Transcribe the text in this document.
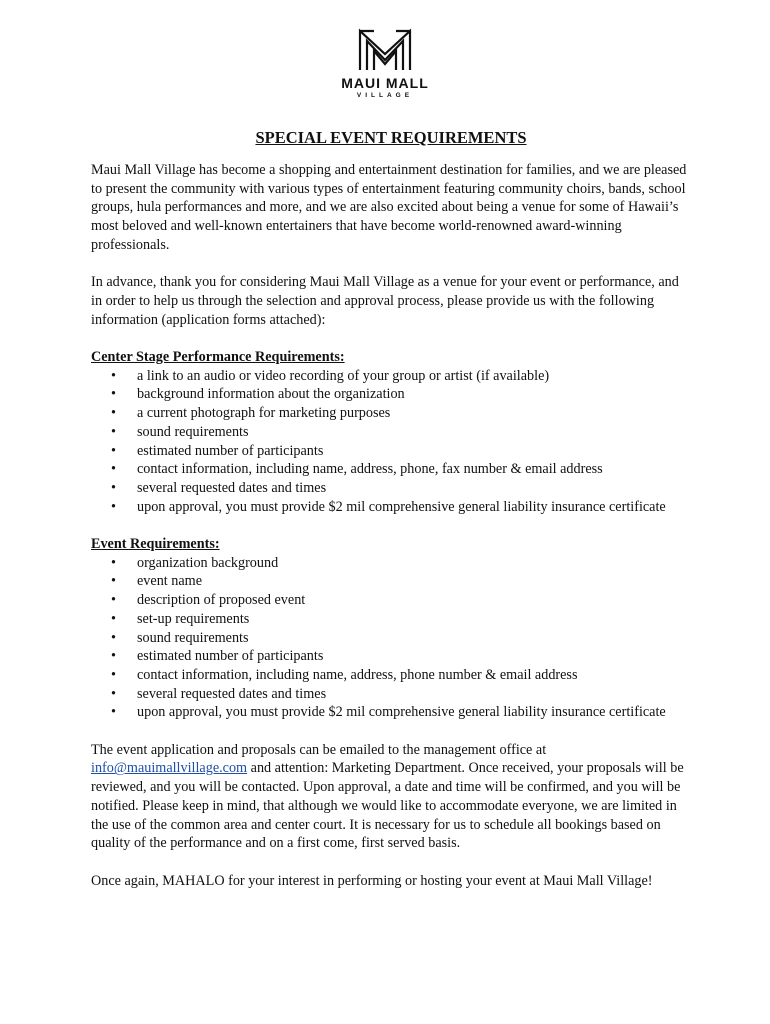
MAUI MALL
VILLAGE
SPECIAL EVENT REQUIREMENTS

Maui Mall Village has become a shopping and entertainment destination for families, and we are pleased to present the community with various types of entertainment featuring community choirs, bands, school groups, hula performances and more, and we are also excited about being a venue for some of Hawaii’s most beloved and well-known entertainers that have become world-renowned award-winning professionals.

In advance, thank you for considering Maui Mall Village as a venue for your event or performance, and in order to help us through the selection and approval process, please provide us with the following information (application forms attached):

Center Stage Performance Requirements:
• a link to an audio or video recording of your group or artist (if available)
• background information about the organization
• a current photograph for marketing purposes
• sound requirements
• estimated number of participants
• contact information, including name, address, phone, fax number & email address
• several requested dates and times
• upon approval, you must provide $2 mil comprehensive general liability insurance certificate
Event Requirements:
• organization background
• event name
• description of proposed event
• set-up requirements
• sound requirements
• estimated number of participants
• contact information, including name, address, phone number & email address
• several requested dates and times
• upon approval, you must provide $2 mil comprehensive general liability insurance certificate

The event application and proposals can be emailed to the management office at info@mauimallvillage.com and attention: Marketing Department. Once received, your proposals will be reviewed, and you will be contacted. Upon approval, a date and time will be confirmed, and you will be notified. Please keep in mind, that although we would like to accommodate everyone, we are limited in the use of the common area and center court. It is necessary for us to schedule all bookings based on quality of the performance and on a first come, first served basis.

Once again, MAHALO for your interest in performing or hosting your event at Maui Mall Village!
